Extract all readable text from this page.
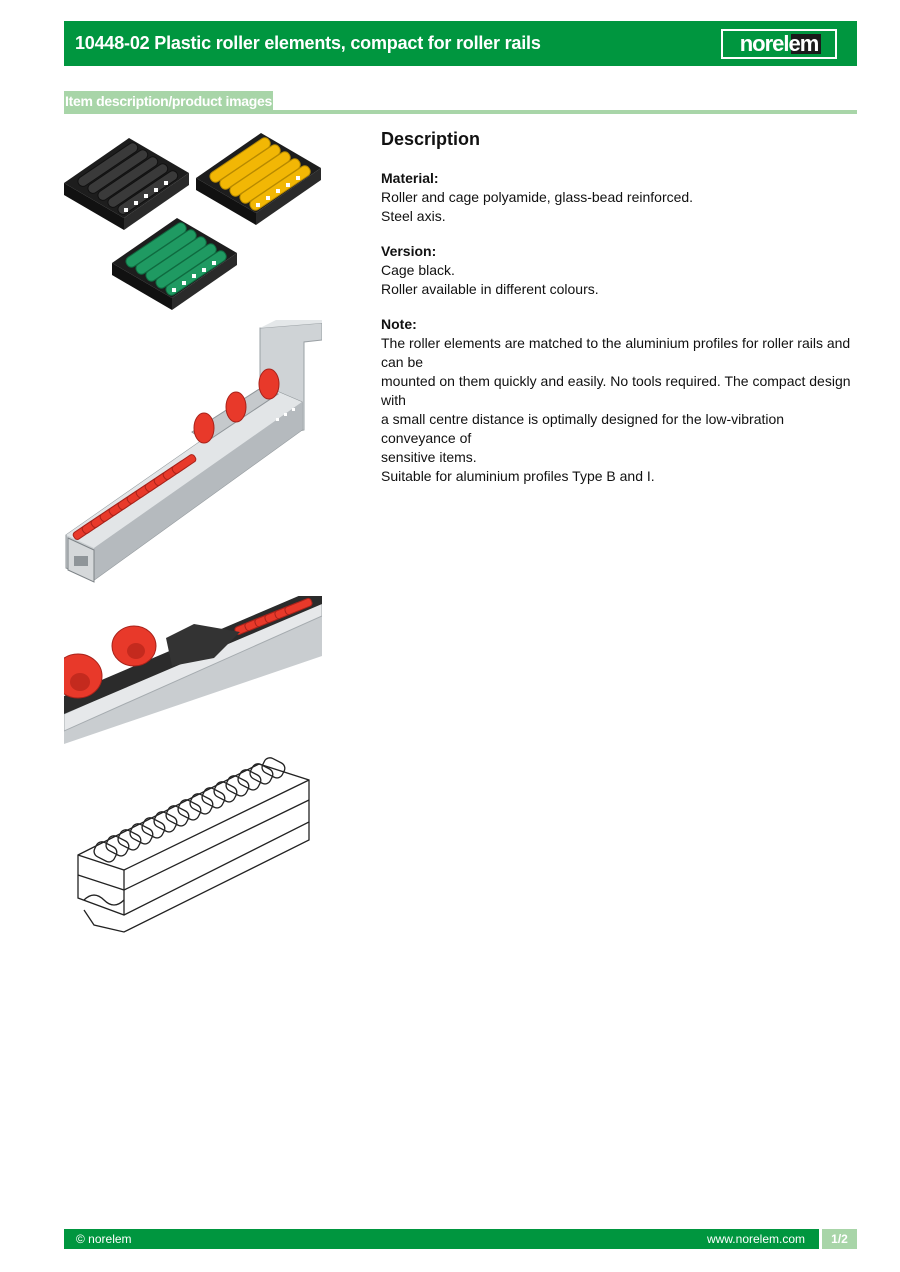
10448-02 Plastic roller elements, compact for roller rails	norelem
Item description/product images
Description
Material:
Roller and cage polyamide, glass-bead reinforced.
Steel axis.
Version:
Cage black.
Roller available in different colours.
Note:
The roller elements are matched to the aluminium profiles for roller rails and can be
mounted on them quickly and easily. No tools required. The compact design with
a small centre distance is optimally designed for the low-vibration conveyance of
sensitive items.
Suitable for aluminium profiles Type B and I.
© norelem	www.norelem.com	1/2
